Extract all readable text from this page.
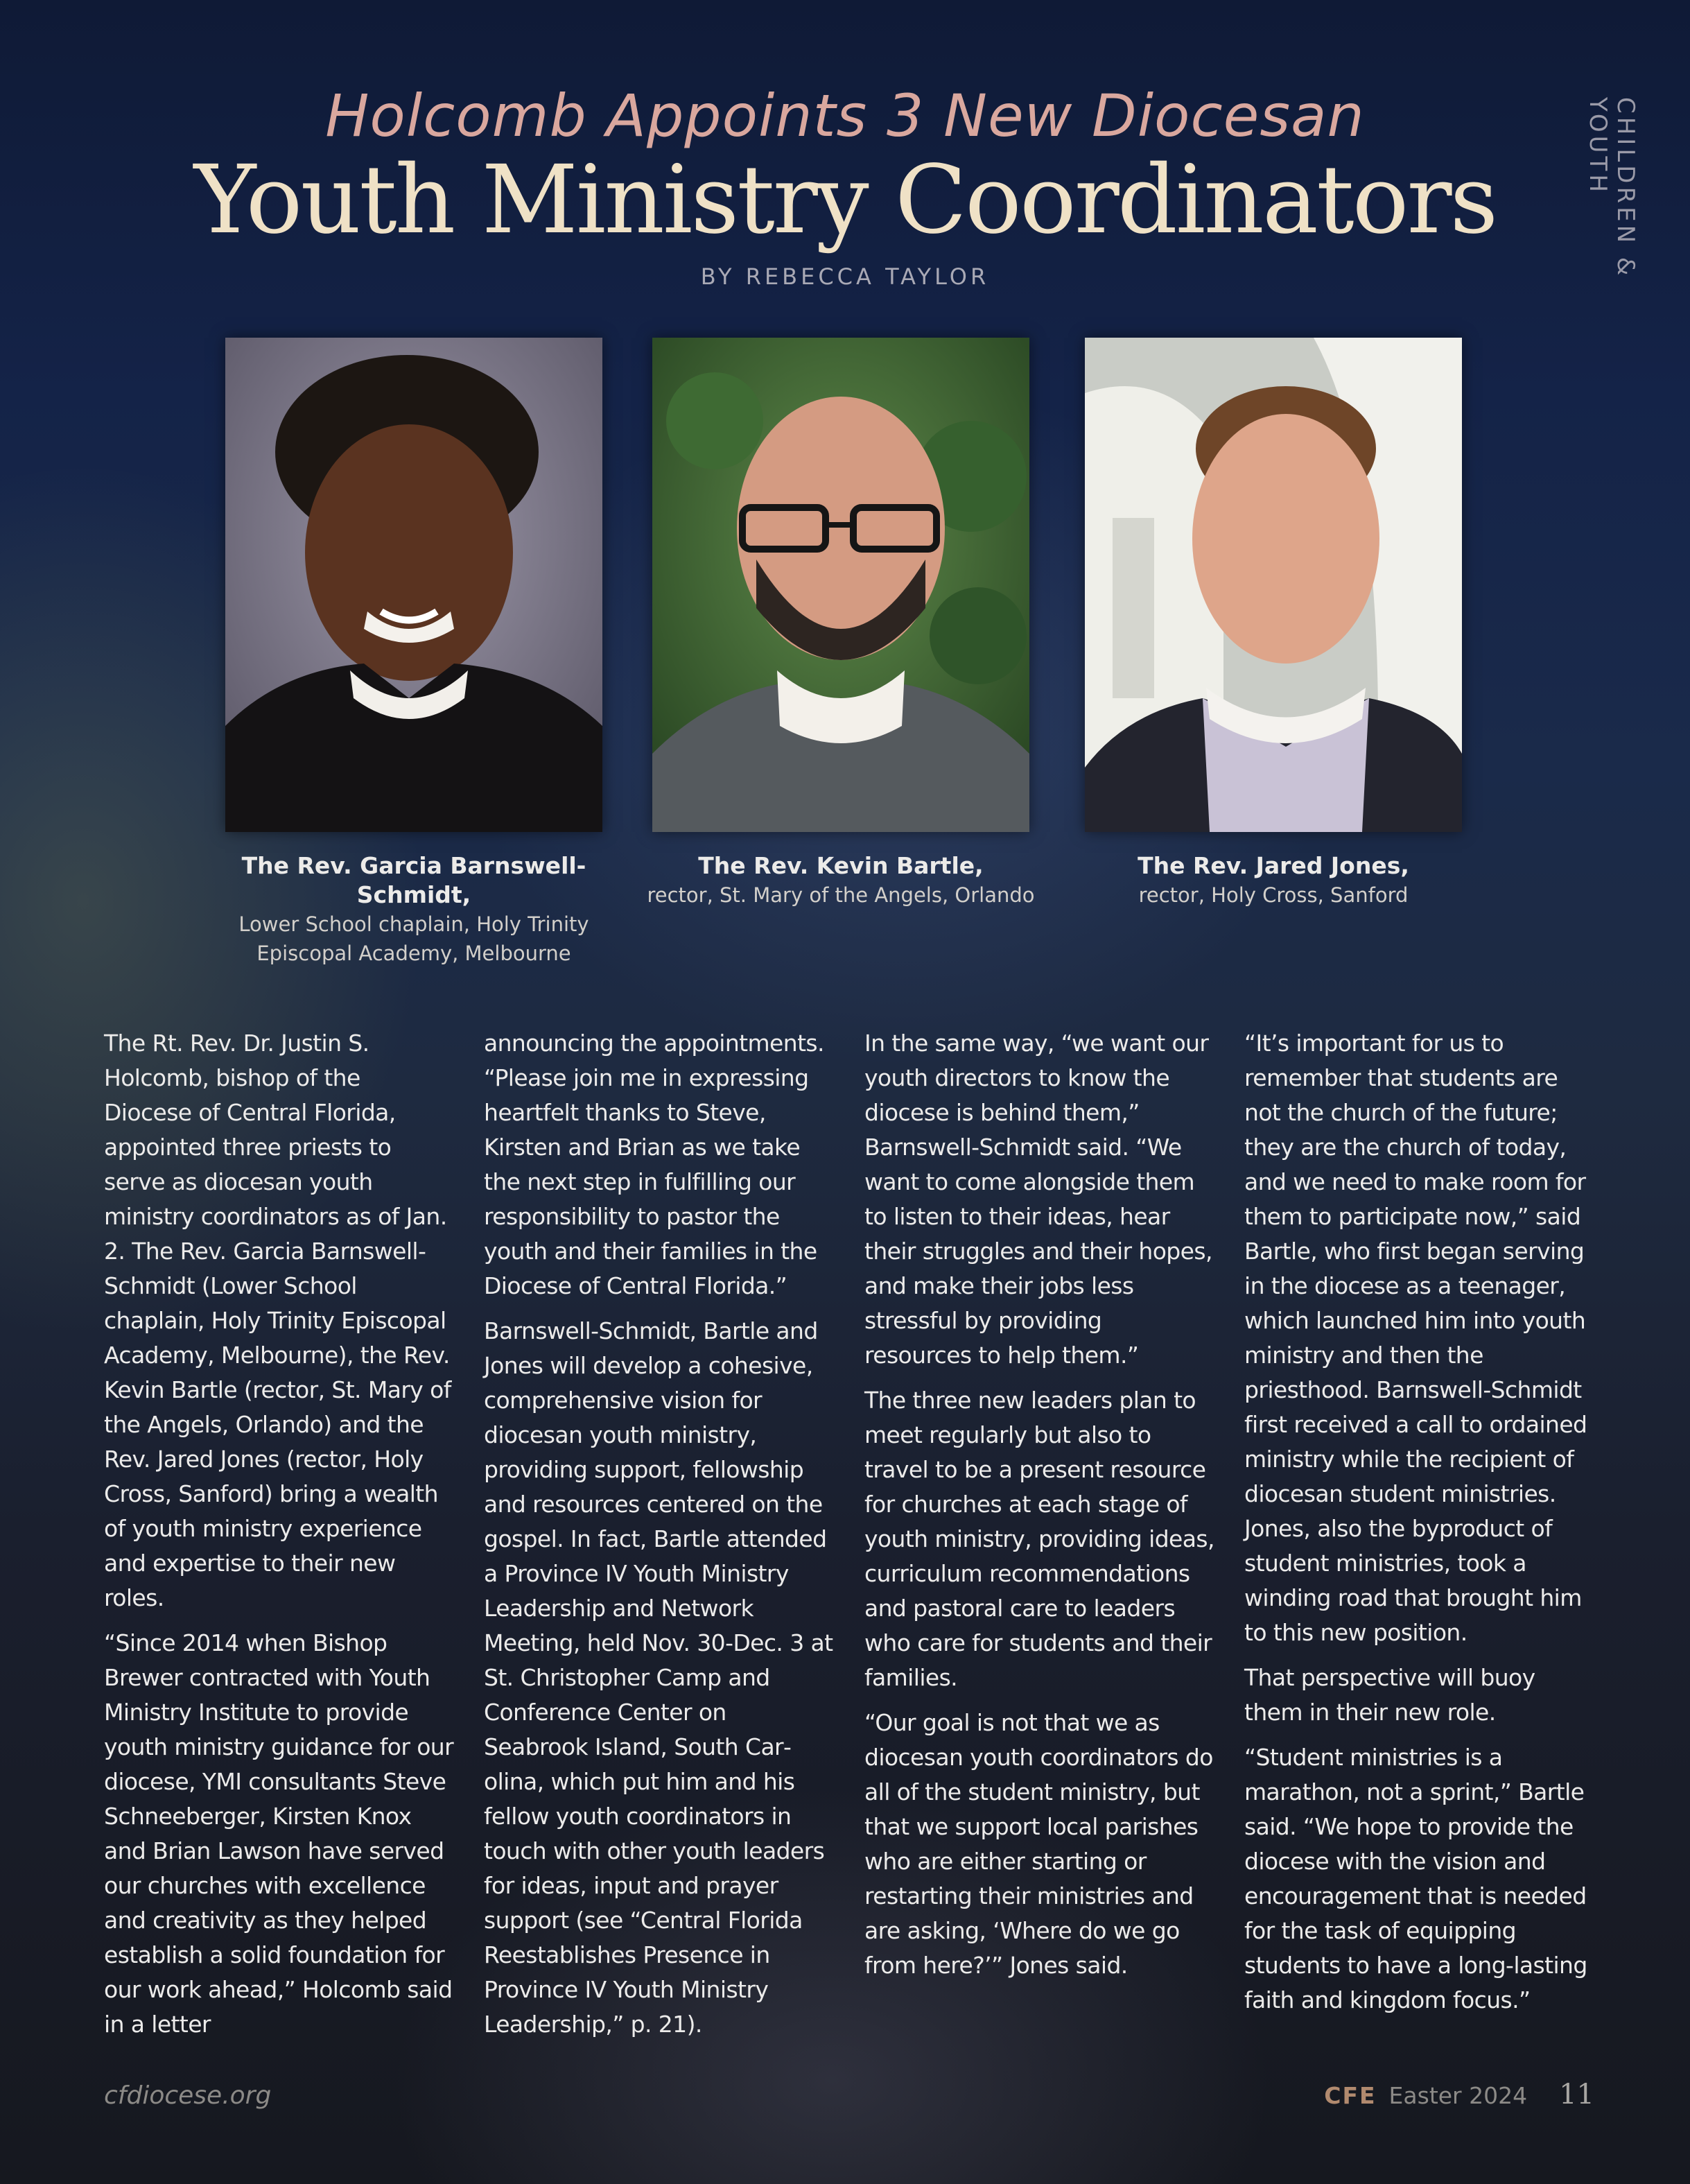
CHILDREN & YOUTH
Holcomb Appoints 3 New Diocesan
Youth Ministry Coordinators
BY REBECCA TAYLOR
The Rev. Garcia Barnswell-Schmidt,
Lower School chaplain, Holy Trinity Episcopal Academy, Melbourne
The Rev. Kevin Bartle,
rector, St. Mary of the Angels, Orlando
The Rev. Jared Jones,
rector, Holy Cross, Sanford

The Rt. Rev. Dr. Justin S. Holcomb, bishop of the Diocese of Central Florida, appointed three priests to serve as diocesan youth ministry coordinators as of Jan. 2. The Rev. Garcia Barnswell-Schmidt (Lower School chaplain, Holy Trinity Episcopal Academy, Melbourne), the Rev. Kevin Bartle (rector, St. Mary of the Angels, Orlando) and the Rev. Jared Jones (rector, Holy Cross, Sanford) bring a wealth of youth ministry experience and expertise to their new roles.

“Since 2014 when Bishop Brewer contracted with Youth Ministry Institute to provide youth ministry guidance for our diocese, YMI consultants Steve Schneeberger, Kirsten Knox and Brian Lawson have served our churches with excellence and creativity as they helped establish a solid foundation for our work ahead,” Holcomb said in a letter

announcing the appointments. “Please join me in expressing heartfelt thanks to Steve, Kirsten and Brian as we take the next step in fulfilling our responsibility to pastor the youth and their families in the Diocese of Central Florida.”

Barnswell-Schmidt, Bartle and Jones will develop a cohesive, comprehensive vision for diocesan youth ministry, providing support, fellowship and resources centered on the gospel. In fact, Bartle attended a Province IV Youth Ministry Leadership and Network Meeting, held Nov. 30-Dec. 3 at St. Christopher Camp and Conference Center on Seabrook Island, South Carolina, which put him and his fellow youth coordinators in touch with other youth leaders for ideas, input and prayer support (see “Central Florida Reestablishes Presence in Province IV Youth Ministry Leadership,” p. 21).

In the same way, “we want our youth directors to know the diocese is behind them,” Barnswell-Schmidt said. “We want to come alongside them to listen to their ideas, hear their struggles and their hopes, and make their jobs less stressful by providing resources to help them.”

The three new leaders plan to meet regularly but also to travel to be a present resource for churches at each stage of youth ministry, providing ideas, curriculum recommendations and pastoral care to leaders who care for students and their families.

“Our goal is not that we as diocesan youth coordinators do all of the student ministry, but that we support local parishes who are either starting or restarting their ministries and are asking, ‘Where do we go from here?’” Jones said.

“It’s important for us to remember that students are not the church of the future; they are the church of today, and we need to make room for them to participate now,” said Bartle, who first began serving in the diocese as a teenager, which launched him into youth ministry and then the priesthood. Barnswell-Schmidt first received a call to ordained ministry while the recipient of diocesan student ministries. Jones, also the byproduct of student ministries, took a winding road that brought him to this new position.

That perspective will buoy them in their new role.

“Student ministries is a marathon, not a sprint,” Bartle said. “We hope to provide the diocese with the vision and encouragement that is needed for the task of equipping students to have a long-lasting faith and kingdom focus.”

cfdiocese.org	CFE Easter 2024 11
